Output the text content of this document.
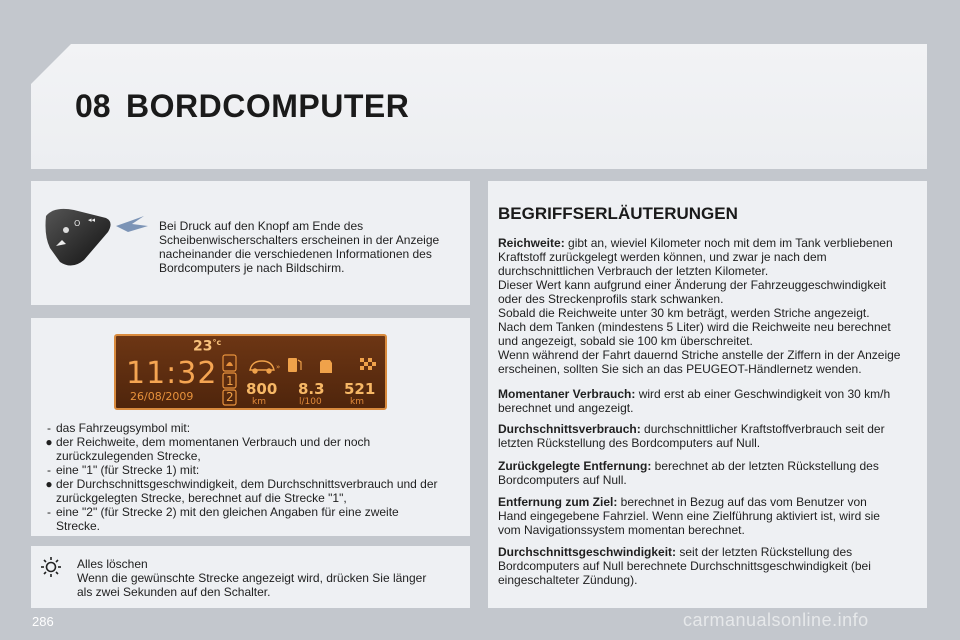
08 BORDCOMPUTER
O ◂◂	Bei Druck auf den Knopf am Ende des
Scheibenwischerschalters erscheinen in der Anzeige
nacheinander die verschiedenen Informationen des
Bordcomputers je nach Bildschirm.
$23^{^\circ c}$
11:32
26/08/2009
1
2
»
800
km
8.3
l/100
521
km
- das Fahrzeugsymbol mit:
● der Reichweite, dem momentanen Verbrauch und der noch
zurückzulegenden Strecke,
- eine "1" (für Strecke 1) mit:
● der Durchschnittsgeschwindigkeit, dem Durchschnittsverbrauch und der
zurückgelegten Strecke, berechnet auf die Strecke "1",
- eine "2" (für Strecke 2) mit den gleichen Angaben für eine zweite
Strecke.
Alles löschen
Wenn die gewünschte Strecke angezeigt wird, drücken Sie länger
als zwei Sekunden auf den Schalter.
BEGRIFFSERLÄUTERUNGEN
Reichweite: gibt an, wieviel Kilometer noch mit dem im Tank verbliebenen
Kraftstoff zurückgelegt werden können, und zwar je nach dem
durchschnittlichen Verbrauch der letzten Kilometer.
Dieser Wert kann aufgrund einer Änderung der Fahrzeuggeschwindigkeit
oder des Streckenprofils stark schwanken.
Sobald die Reichweite unter 30 km beträgt, werden Striche angezeigt.
Nach dem Tanken (mindestens 5 Liter) wird die Reichweite neu berechnet
und angezeigt, sobald sie 100 km überschreitet.
Wenn während der Fahrt dauernd Striche anstelle der Ziffern in der Anzeige
erscheinen, sollten Sie sich an das PEUGEOT-Händlernetz wenden.
Momentaner Verbrauch: wird erst ab einer Geschwindigkeit von 30 km/h
berechnet und angezeigt.
Durchschnittsverbrauch: durchschnittlicher Kraftstoffverbrauch seit der
letzten Rückstellung des Bordcomputers auf Null.
Zurückgelegte Entfernung: berechnet ab der letzten Rückstellung des
Bordcomputers auf Null.
Entfernung zum Ziel: berechnet in Bezug auf das vom Benutzer von
Hand eingegebene Fahrziel. Wenn eine Zielführung aktiviert ist, wird sie
vom Navigationssystem momentan berechnet.
Durchschnittsgeschwindigkeit: seit der letzten Rückstellung des
Bordcomputers auf Null berechnete Durchschnittsgeschwindigkeit (bei
eingeschalteter Zündung).
286	carmanualsonline.info
